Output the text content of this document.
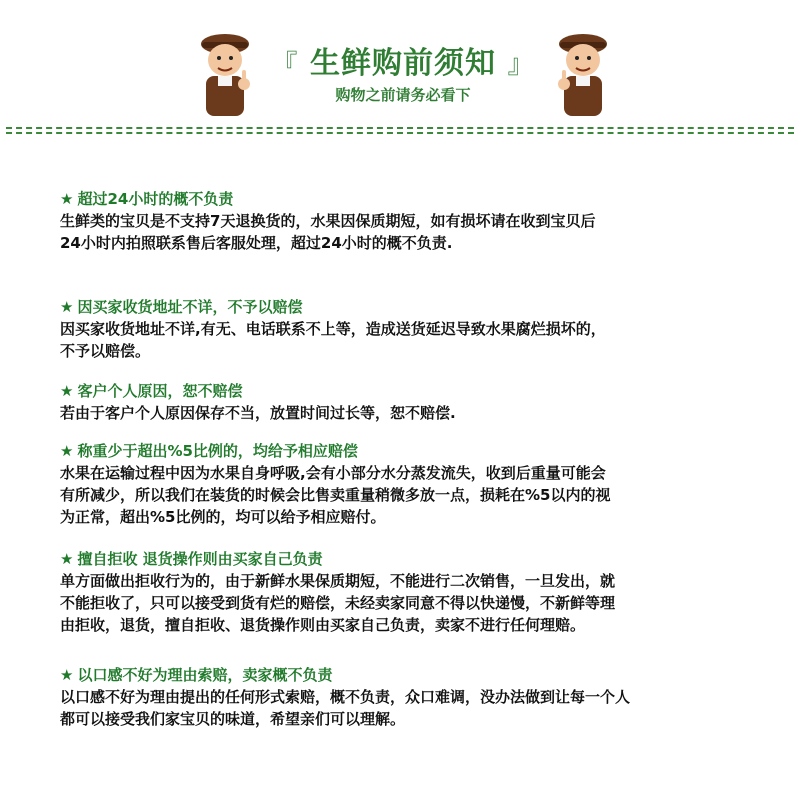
『 生鲜购前须知 』
购物之前请务必看下
★ 超过24小时的概不负责
生鲜类的宝贝是不支持7天退换货的，水果因保质期短，如有损坏请在收到宝贝后
24小时内拍照联系售后客服处理，超过24小时的概不负责.
★ 因买家收货地址不详，不予以赔偿
因买家收货地址不详,有无、电话联系不上等，造成送货延迟导致水果腐烂损坏的，
不予以赔偿。
★ 客户个人原因，恕不赔偿
若由于客户个人原因保存不当，放置时间过长等，恕不赔偿.
★ 称重少于超出%5比例的，均给予相应赔偿
水果在运输过程中因为水果自身呼吸,会有小部分水分蒸发流失，收到后重量可能会
有所减少，所以我们在装货的时候会比售卖重量稍微多放一点，损耗在%5以内的视
为正常，超出%5比例的，均可以给予相应赔付。
★ 擅自拒收 退货操作则由买家自己负责
单方面做出拒收行为的，由于新鲜水果保质期短，不能进行二次销售，一旦发出，就
不能拒收了，只可以接受到货有烂的赔偿，未经卖家同意不得以快递慢，不新鲜等理
由拒收，退货，擅自拒收、退货操作则由买家自己负责，卖家不进行任何理赔。
★ 以口感不好为理由索赔，卖家概不负责
以口感不好为理由提出的任何形式索赔，概不负责，众口难调，没办法做到让每一个人
都可以接受我们家宝贝的味道，希望亲们可以理解。
